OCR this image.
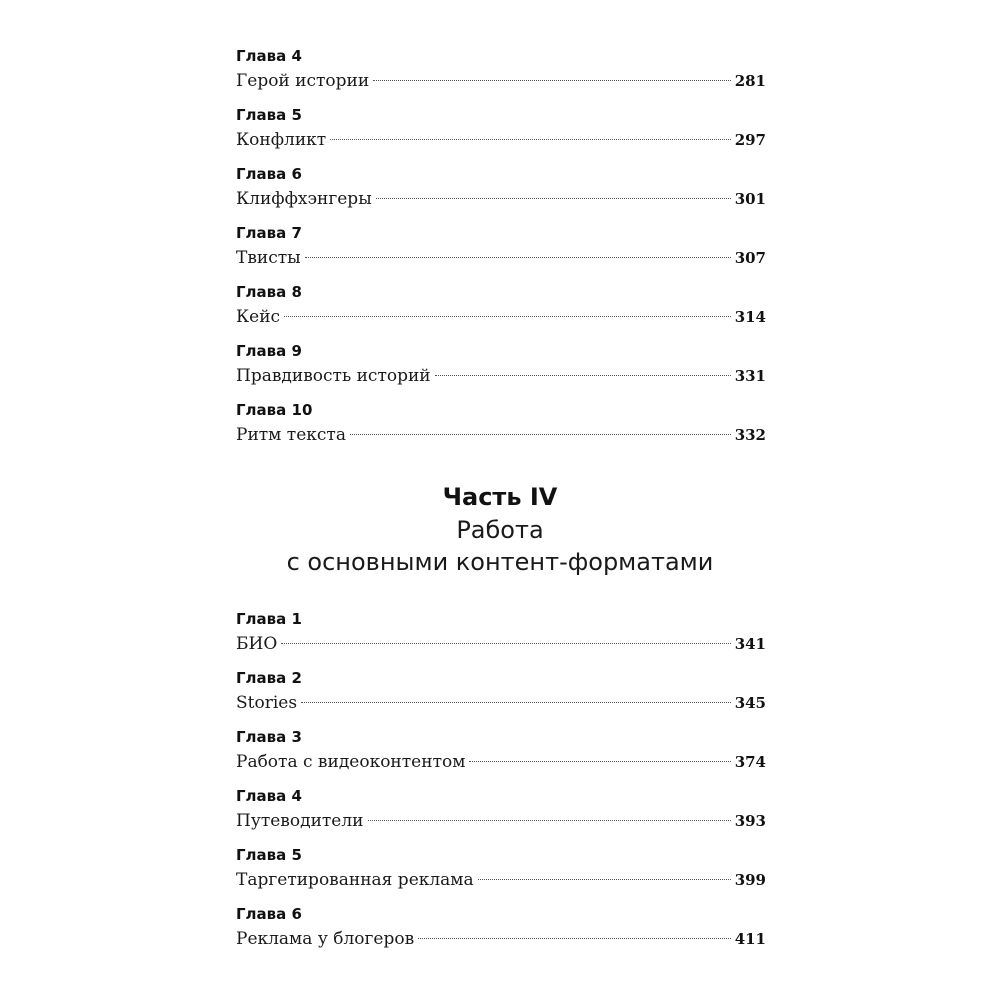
Глава 4
Герой истории	281
Глава 5
Конфликт	297
Глава 6
Клиффхэнгеры	301
Глава 7
Твисты	307
Глава 8
Кейс	314
Глава 9
Правдивость историй	331
Глава 10
Ритм текста	332
Глава 1
БИО	341
Глава 2
Stories	345
Глава 3
Работа с видеоконтентом	374
Глава 4
Путеводители	393
Глава 5
Таргетированная реклама	399
Глава 6
Реклама у блогеров	411
Часть IV
Работа
с основными контент-форматами
